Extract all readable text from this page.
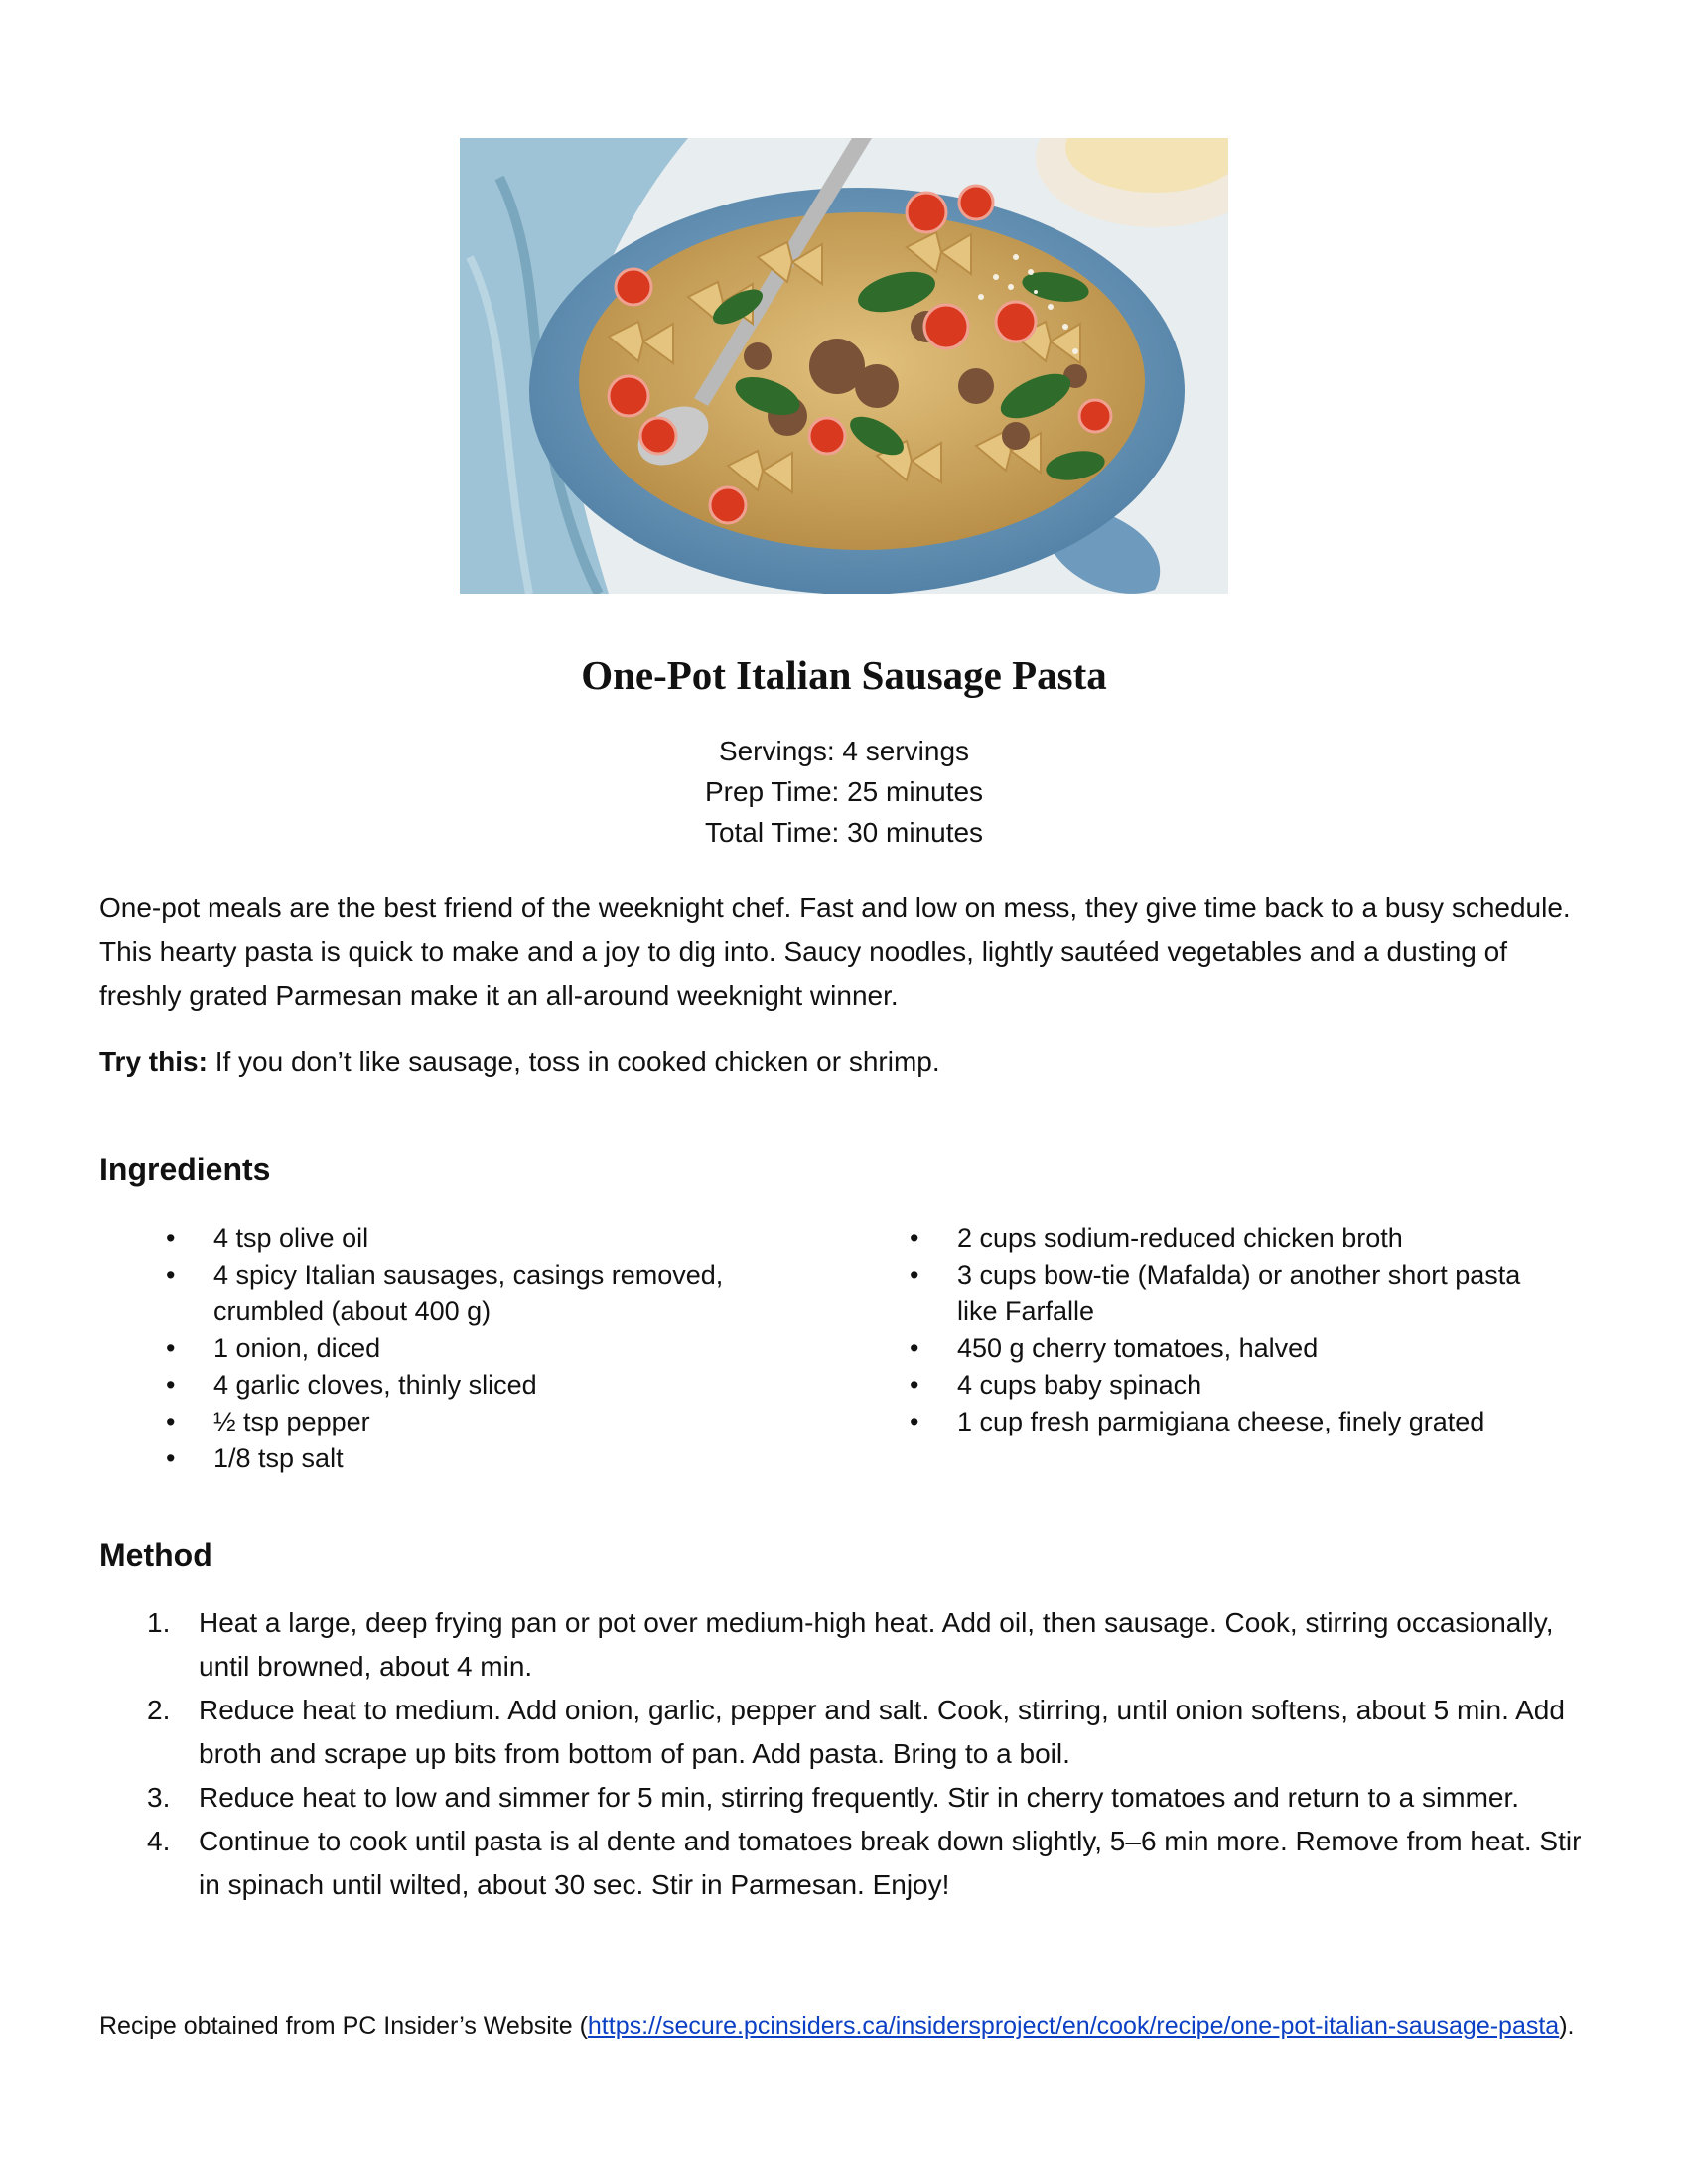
One-Pot Italian Sausage Pasta
Servings: 4 servings
Prep Time: 25 minutes
Total Time: 30 minutes

One-pot meals are the best friend of the weeknight chef. Fast and low on mess, they give time back to a busy schedule. This hearty pasta is quick to make and a joy to dig into. Saucy noodles, lightly sautéed vegetables and a dusting of freshly grated Parmesan make it an all-around weeknight winner.

Try this: If you don’t like sausage, toss in cooked chicken or shrimp.

Ingredients
• 4 tsp olive oil
• 4 spicy Italian sausages, casings removed, crumbled (about 400 g)
• 1 onion, diced
• 4 garlic cloves, thinly sliced
• ½ tsp pepper
• 1/8 tsp salt
• 2 cups sodium-reduced chicken broth
• 3 cups bow-tie (Mafalda) or another short pasta like Farfalle
• 450 g cherry tomatoes, halved
• 4 cups baby spinach
• 1 cup fresh parmigiana cheese, finely grated
Method
1. Heat a large, deep frying pan or pot over medium-high heat. Add oil, then sausage. Cook, stirring occasionally, until browned, about 4 min.
2. Reduce heat to medium. Add onion, garlic, pepper and salt. Cook, stirring, until onion softens, about 5 min. Add broth and scrape up bits from bottom of pan. Add pasta. Bring to a boil.
3. Reduce heat to low and simmer for 5 min, stirring frequently. Stir in cherry tomatoes and return to a simmer.
4. Continue to cook until pasta is al dente and tomatoes break down slightly, 5–6 min more. Remove from heat. Stir in spinach until wilted, about 30 sec. Stir in Parmesan. Enjoy!

Recipe obtained from PC Insider’s Website (https://secure.pcinsiders.ca/insidersproject/en/cook/recipe/one-pot-italian-sausage-pasta).
